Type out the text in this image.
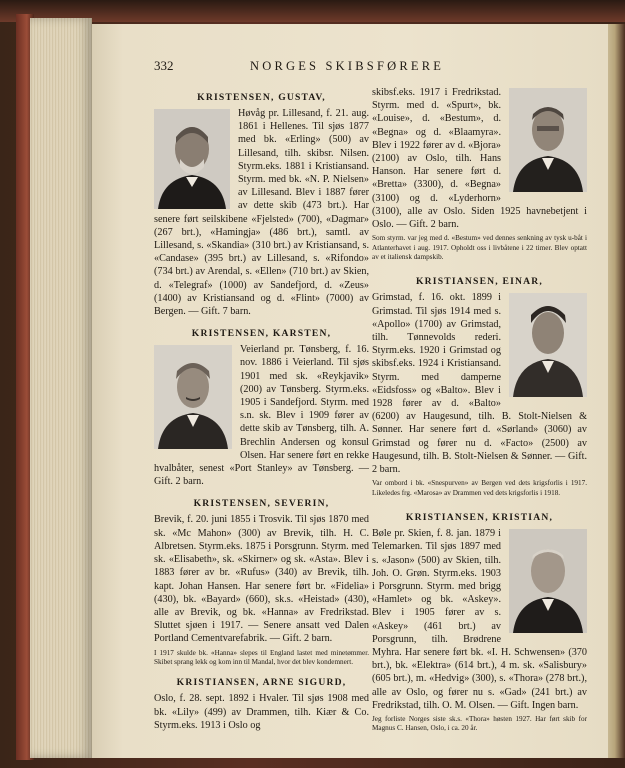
332	NORGES SKIBSFØRERE
KRISTENSEN, GUSTAV,

Høvåg pr. Lillesand, f. 21. aug. 1861 i Hellenes. Til sjøs 1877 med bk. «Erling» (500) av Lillesand, tilh. skibsr. Nilsen. Styrm.eks. 1881 i Kristiansand. Styrm. med bk. «N. P. Nielsen» av Lillesand. Blev i 1887 fører av dette skib (473 brt.). Har senere ført seilskibene «Fjelsted» (700), «Dagmar» (267 brt.), «Hamingja» (486 brt.), samtl. av Lillesand, s. «Skandia» (310 brt.) av Kristiansand, s. «Candase» (395 brt.) av Lillesand, s. «Rifondo» (734 brt.) av Arendal, s. «Ellen» (710 brt.) av Skien, d. «Telegraf» (1000) av Sandefjord, d. «Zeus» (1400) av Kristiansand og d. «Flint» (7000) av Bergen. — Gift. 7 barn.

KRISTENSEN, KARSTEN,

Veierland pr. Tønsberg, f. 16. nov. 1886 i Veierland. Til sjøs 1901 med sk. «Reykjavik» (200) av Tønsberg. Styrm.eks. 1905 i Sandefjord. Styrm. med s.n. sk. Blev i 1909 fører av dette skib av Tønsberg, tilh. A. Brechlin Andersen og konsul Olsen. Har senere ført en rekke hvalbåter, senest «Port Stanley» av Tønsberg. — Gift. 2 barn.

KRISTENSEN, SEVERIN,

Brevik, f. 20. juni 1855 i Trosvik. Til sjøs 1870 med sk. «Mc Mahon» (300) av Brevik, tilh. H. C. Albretsen. Styrm.eks. 1875 i Porsgrunn. Styrm. med sk. «Elisabeth», sk. «Skirner» og sk. «Asta». Blev i 1883 fører av br. «Rufus» (340) av Brevik, tilh. kapt. Johan Hansen. Har senere ført br. «Fidelia» (430), bk. «Bayard» (660), sk.s. «Heistad» (430), alle av Brevik, og bk. «Hanna» av Fredrikstad. Sluttet sjøen i 1917. — Senere ansatt ved Dalen Portland Cementvarefabrik. — Gift. 2 barn.

I 1917 skulde bk. «Hanna» slepes til England lastet med minetømmer. Skibet sprang lekk og kom inn til Mandal, hvor det blev kondemnert.

KRISTIANSEN, ARNE SIGURD,

Oslo, f. 28. sept. 1892 i Hvaler. Til sjøs 1908 med bk. «Lily» (499) av Drammen, tilh. Kiær & Co. Styrm.eks. 1913 i Oslo og

skibsf.eks. 1917 i Fredrikstad. Styrm. med d. «Spurt», bk. «Louise», d. «Bestum», d. «Begna» og d. «Blaamyra». Blev i 1922 fører av d. «Bjora» (2100) av Oslo, tilh. Hans Hanson. Har senere ført d. «Bretta» (3300), d. «Begna» (3100) og d. «Lyderhorn» (3100), alle av Oslo. Siden 1925 havnebetjent i Oslo. — Gift. 2 barn.

Som styrm. var jeg med d. «Bestum» ved dennes senkning av tysk u-båt i Atlanterhavet i aug. 1917. Opholdt oss i livbåtene i 22 timer. Blev optatt av et italiensk dampskib.

KRISTIANSEN, EINAR,

Grimstad, f. 16. okt. 1899 i Grimstad. Til sjøs 1914 med s. «Apollo» (1700) av Grimstad, tilh. Tønnevolds rederi. Styrm.eks. 1920 i Grimstad og skibsf.eks. 1924 i Kristiansand. Styrm. med damperne «Eidsfoss» og «Balto». Blev i 1928 fører av d. «Balto» (6200) av Haugesund, tilh. B. Stolt-Nielsen & Sønner. Har senere ført d. «Sørland» (3060) av Grimstad og fører nu d. «Facto» (2500) av Haugesund, tilh. B. Stolt-Nielsen & Sønner. — Gift. 2 barn.

Var ombord i bk. «Snespurven» av Bergen ved dets krigsforlis i 1917. Likeledes frg. «Marosa» av Drammen ved dets krigsforlis i 1918.

KRISTIANSEN, KRISTIAN,

Bøle pr. Skien, f. 8. jan. 1879 i Telemarken. Til sjøs 1897 med s. «Jason» (500) av Skien, tilh. Joh. O. Grøn. Styrm.eks. 1903 i Porsgrunn. Styrm. med brigg «Hamlet» og bk. «Askey». Blev i 1905 fører av s. «Askey» (461 brt.) av Porsgrunn, tilh. Brødrene Myhra. Har senere ført bk. «I. H. Schwensen» (370 brt.), bk. «Elektra» (614 brt.), 4 m. sk. «Salisbury» (605 brt.), m. «Hedvig» (300), s. «Thora» (278 brt.), alle av Oslo, og fører nu s. «Gad» (241 brt.) av Fredrikstad, tilh. O. M. Olsen. — Gift. Ingen barn.

Jeg forliste Norges siste sk.s. «Thora» høsten 1927. Har ført skib for Magnus C. Hansen, Oslo, i ca. 20 år.
